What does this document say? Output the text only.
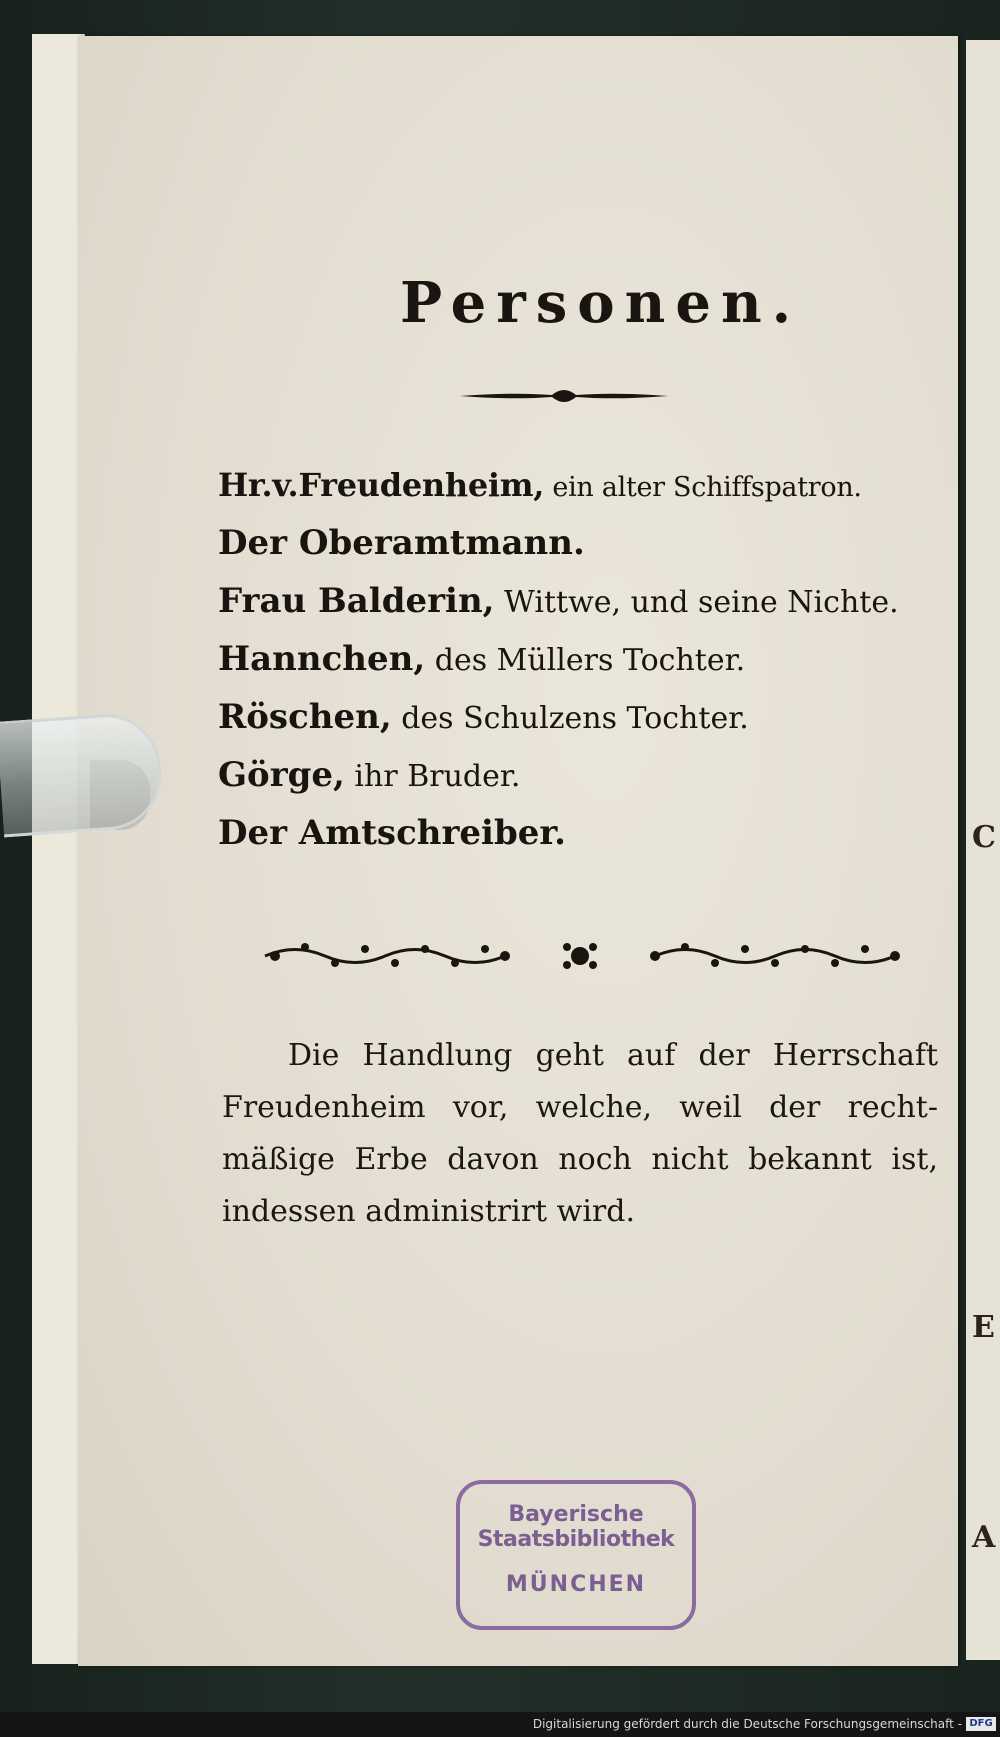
C
E
A
Personen.
Hr.v.Freudenheim, ein alter Schiffspatron.
Der Oberamtmann.
Frau Balderin, Wittwe, und seine Nichte.
Hannchen, des Müllers Tochter.
Röschen, des Schulzens Tochter.
Görge, ihr Bruder.
Der Amtschreiber.
Die Handlung geht auf der Herrschaft Freudenheim vor, welche, weil der recht-mäßige Erbe davon noch nicht bekannt ist, indessen administrirt wird.
Bayerische
Staatsbibliothek
MÜNCHEN
Digitalisierung gefördert durch die Deutsche Forschungsgemeinschaft - DFG
